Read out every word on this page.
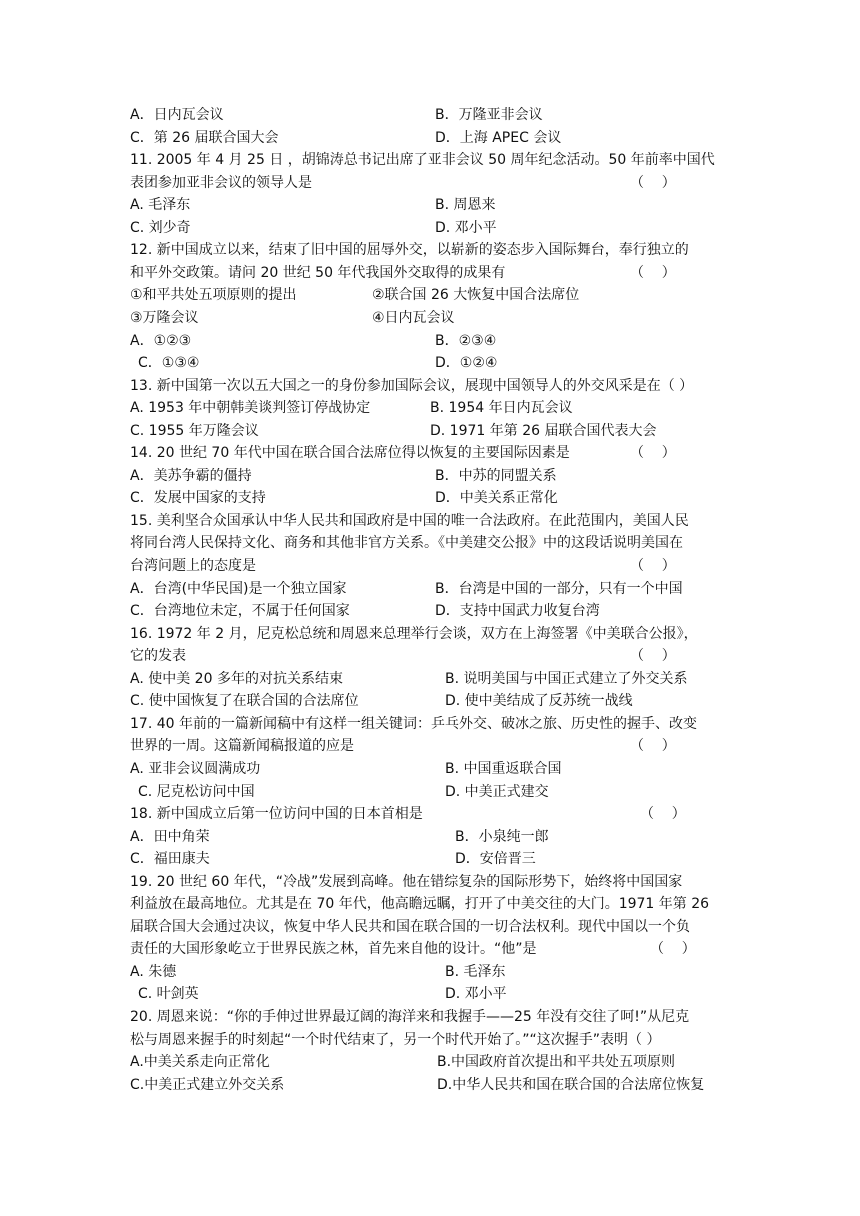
A．日内瓦会议	B．万隆亚非会议
C．第 26 届联合国大会	D．上海 APEC 会议
11. 2005 年 4 月 25 日 ，胡锦涛总书记出席了亚非会议 50 周年纪念活动。50 年前率中国代
表团参加亚非会议的领导人是	（    ）
A. 毛泽东	B. 周恩来
C. 刘少奇	D. 邓小平
12. 新中国成立以来，结束了旧中国的屈辱外交，以崭新的姿态步入国际舞台，奉行独立的
和平外交政策。请问 20 世纪 50 年代我国外交取得的成果有	（    ）
①和平共处五项原则的提出	②联合国 26 大恢复中国合法席位
③万隆会议	④日内瓦会议
A．①②③	B．②③④
C．①③④	D．①②④
13. 新中国第一次以五大国之一的身份参加国际会议，展现中国领导人的外交风采是在（ ）
A. 1953 年中朝韩美谈判签订停战协定	B. 1954 年日内瓦会议
C. 1955 年万隆会议	D. 1971 年第 26 届联合国代表大会
14. 20 世纪 70 年代中国在联合国合法席位得以恢复的主要国际因素是	（    ）
A．美苏争霸的僵持	B．中苏的同盟关系
C．发展中国家的支持	D．中美关系正常化
15. 美利坚合众国承认中华人民共和国政府是中国的唯一合法政府。在此范围内，美国人民
将同台湾人民保持文化、商务和其他非官方关系。《中美建交公报》中的这段话说明美国在
台湾问题上的态度是	（    ）
A．台湾(中华民国)是一个独立国家	B．台湾是中国的一部分，只有一个中国
C．台湾地位未定，不属于任何国家	D．支持中国武力收复台湾
16. 1972 年 2 月，尼克松总统和周恩来总理举行会谈，双方在上海签署《中美联合公报》，
它的发表	（    ）
A. 使中美 20 多年的对抗关系结束	B. 说明美国与中国正式建立了外交关系
C. 使中国恢复了在联合国的合法席位	D. 使中美结成了反苏统一战线
17. 40 年前的一篇新闻稿中有这样一组关键词：乒乓外交、破冰之旅、历史性的握手、改变
世界的一周。这篇新闻稿报道的应是	（    ）
A. 亚非会议圆满成功	B. 中国重返联合国
C. 尼克松访问中国	D. 中美正式建交
18. 新中国成立后第一位访问中国的日本首相是	（    ）
A．田中角荣	B．小泉纯一郎
C．福田康夫	D．安倍晋三
19. 20 世纪 60 年代，“冷战”发展到高峰。他在错综复杂的国际形势下，始终将中国国家
利益放在最高地位。尤其是在 70 年代，他高瞻远瞩，打开了中美交往的大门。1971 年第 26
届联合国大会通过决议，恢复中华人民共和国在联合国的一切合法权利。现代中国以一个负
责任的大国形象屹立于世界民族之林，首先来自他的设计。“他”是	（    ）
A. 朱德	B. 毛泽东
C. 叶剑英	D. 邓小平
20. 周恩来说：“你的手伸过世界最辽阔的海洋来和我握手——25 年没有交往了呵!”从尼克
松与周恩来握手的时刻起“一个时代结束了，另一个时代开始了。”“这次握手”表明（ ）
A.中美关系走向正常化	B.中国政府首次提出和平共处五项原则
C.中美正式建立外交关系	D.中华人民共和国在联合国的合法席位恢复
